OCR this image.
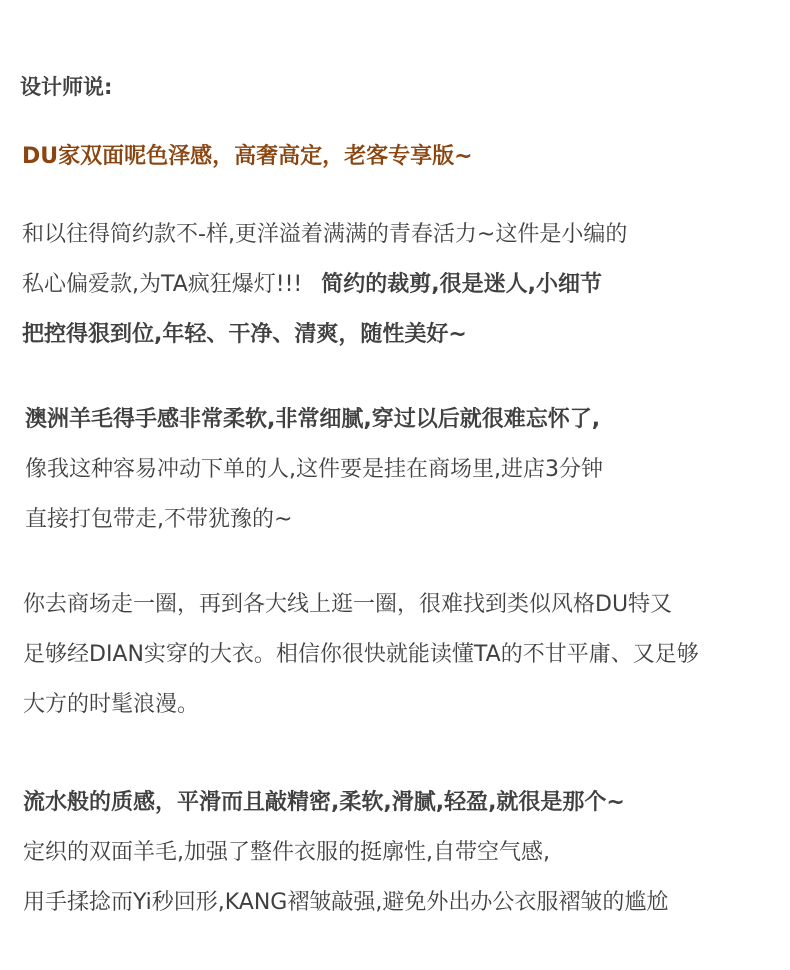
设计师说:
DU家双面呢色泽感，高奢高定，老客专享版~
和以往得简约款不-样,更洋溢着满满的青春活力~这件是小编的
私心偏爱款,为TA疯狂爆灯!!! 简约的裁剪,很是迷人,小细节
把控得狠到位,年轻、干净、清爽，随性美好~
澳洲羊毛得手感非常柔软,非常细腻,穿过以后就很难忘怀了,
像我这种容易冲动下单的人,这件要是挂在商场里,进店3分钟
直接打包带走,不带犹豫的~
你去商场走一圈，再到各大线上逛一圈，很难找到类似风格DU特又
足够经DIAN实穿的大衣。相信你很快就能读懂TA的不甘平庸、又足够
大方的时髦浪漫。
流水般的质感，平滑而且敲精密,柔软,滑腻,轻盈,就很是那个~
定织的双面羊毛,加强了整件衣服的挺廓性,自带空气感,
用手揉捻而Yi秒回形,KANG褶皱敲强,避免外出办公衣服褶皱的尴尬
